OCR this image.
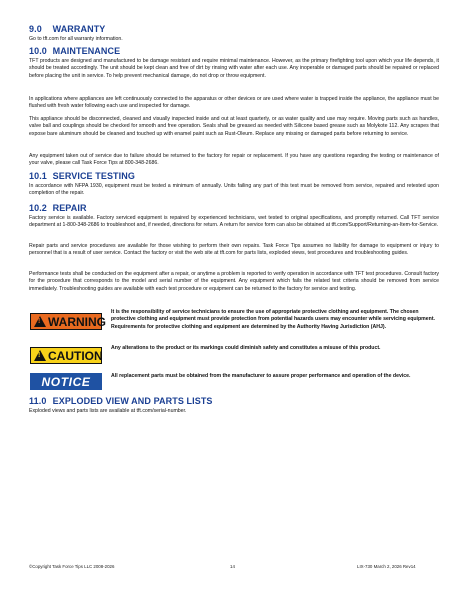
9.0 WARRANTY
Go to tft.com for all warranty information.
10.0 MAINTENANCE
TFT products are designed and manufactured to be damage resistant and require minimal maintenance. However, as the primary firefighting tool upon which your life depends, it should be treated accordingly. The unit should be kept clean and free of dirt by rinsing with water after each use. Any inoperable or damaged parts should be repaired or replaced before placing the unit in service. To help prevent mechanical damage, do not drop or throw equipment.
In applications where appliances are left continuously connected to the apparatus or other devices or are used where water is trapped inside the appliance, the appliance must be flushed with fresh water following each use and inspected for damage.
This appliance should be disconnected, cleaned and visually inspected inside and out at least quarterly, or as water quality and use may require. Moving parts such as handles, valve ball and couplings should be checked for smooth and free operation. Seals shall be greased as needed with Silicone based grease such as Molykote 112. Any scrapes that expose bare aluminum should be cleaned and touched up with enamel paint such as Rust-Oleum. Replace any missing or damaged parts before returning to service.
Any equipment taken out of service due to failure should be returned to the factory for repair or replacement. If you have any questions regarding the testing or maintenance of your valve, please call Task Force Tips at 800-348-2686.
10.1 SERVICE TESTING
In accordance with NFPA 1930, equipment must be tested a minimum of annually. Units failing any part of this test must be removed from service, repaired and retested upon completion of the repair.
10.2 REPAIR
Factory service is available. Factory serviced equipment is repaired by experienced technicians, wet tested to original specifications, and promptly returned. Call TFT service department at 1-800-348-2686 to troubleshoot and, if needed, directions for return. A return for service form can also be obtained at tft.com/Support/Returning-an-Item-for-Service.
Repair parts and service procedures are available for those wishing to perform their own repairs. Task Force Tips assumes no liability for damage to equipment or injury to personnel that is a result of user service. Contact the factory or visit the web site at tft.com for parts lists, exploded views, test procedures and troubleshooting guides.
Performance tests shall be conducted on the equipment after a repair, or anytime a problem is reported to verify operation in accordance with TFT test procedures. Consult factory for the procedure that corresponds to the model and serial number of the equipment. Any equipment which fails the related test criteria should be removed from service immediately. Troubleshooting guides are available with each test procedure or equipment can be returned to the factory for service and testing.
! WARNING
It is the responsibility of service technicians to ensure the use of appropriate protective clothing and equipment. The chosen protective clothing and equipment must provide protection from potential hazards users may encounter while servicing equipment. Requirements for protective clothing and equipment are determined by the Authority Having Jurisdiction (AHJ).
! CAUTION
Any alterations to the product or its markings could diminish safety and constitutes a misuse of this product.
NOTICE	All replacement parts must be obtained from the manufacturer to assure proper performance and operation of the device.
11.0 EXPLODED VIEW AND PARTS LISTS
Exploded views and parts lists are available at tft.com/serial-number.
©Copyright Task Force Tips LLC 2008-2026	14	LIX-730 March 2, 2026 Rev14
